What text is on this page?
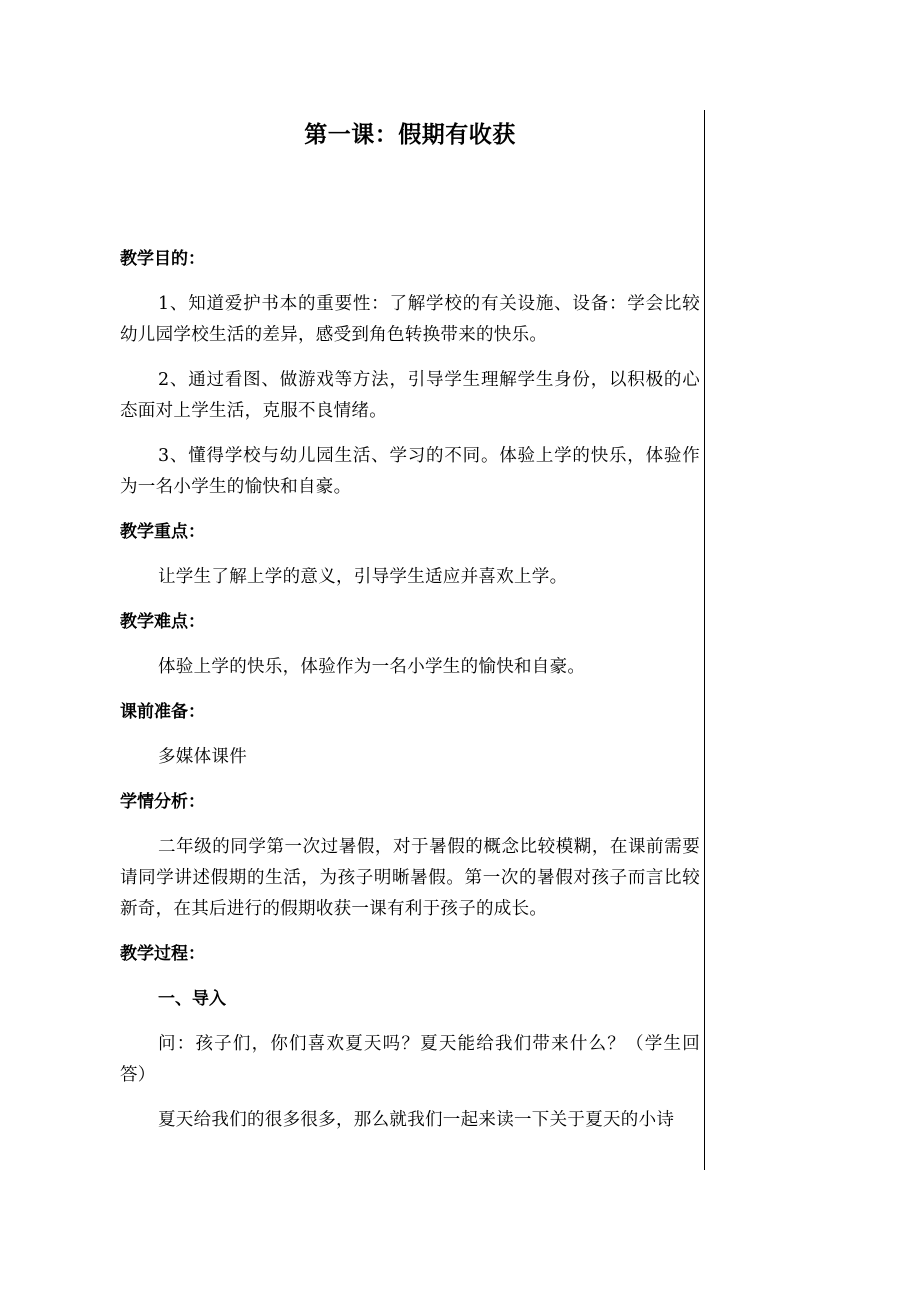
第一课：假期有收获
教学目的：

1、知道爱护书本的重要性：了解学校的有关设施、设备：学会比较幼儿园学校生活的差异，感受到角色转换带来的快乐。

2、通过看图、做游戏等方法，引导学生理解学生身份，以积极的心态面对上学生活，克服不良情绪。

3、懂得学校与幼儿园生活、学习的不同。体验上学的快乐，体验作为一名小学生的愉快和自豪。

教学重点：

让学生了解上学的意义，引导学生适应并喜欢上学。

教学难点：

体验上学的快乐，体验作为一名小学生的愉快和自豪。

课前准备：

多媒体课件

学情分析：

二年级的同学第一次过暑假，对于暑假的概念比较模糊，在课前需要请同学讲述假期的生活，为孩子明晰暑假。第一次的暑假对孩子而言比较新奇，在其后进行的假期收获一课有利于孩子的成长。

教学过程：
一、导入

问：孩子们，你们喜欢夏天吗？夏天能给我们带来什么？（学生回答）

夏天给我们的很多很多，那么就我们一起来读一下关于夏天的小诗
